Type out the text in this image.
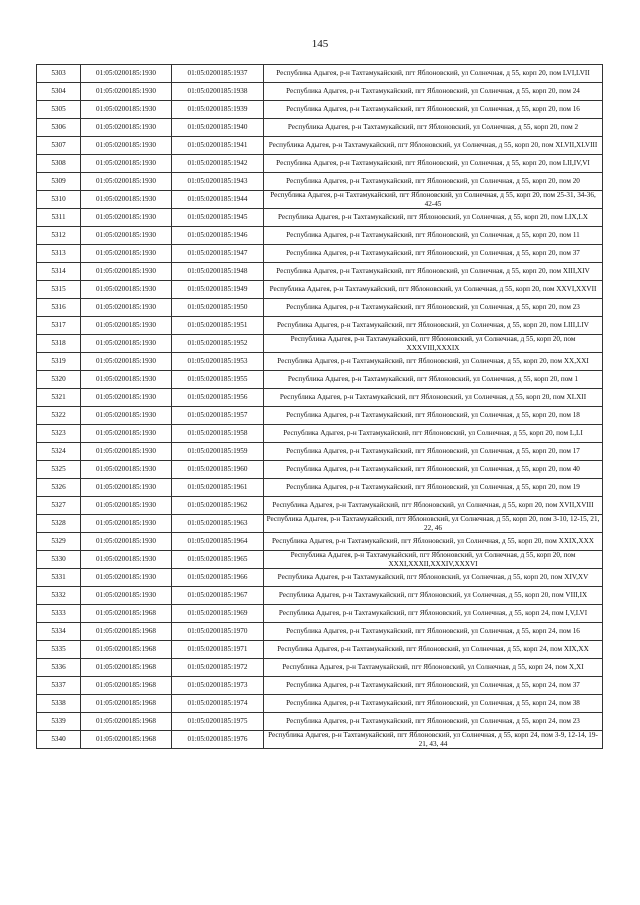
145
5303	01:05:0200185:1930	01:05:0200185:1937	Республика Адыгея, р-н Тахтамукайский, пгт Яблоновский, ул Солнечная, д 55, корп 20, пом LVI,LVII
5304	01:05:0200185:1930	01:05:0200185:1938	Республика Адыгея, р-н Тахтамукайский, пгт Яблоновский, ул Солнечная, д 55, корп 20, пом 24
5305	01:05:0200185:1930	01:05:0200185:1939	Республика Адыгея, р-н Тахтамукайский, пгт Яблоновский, ул Солнечная, д 55, корп 20, пом 16
5306	01:05:0200185:1930	01:05:0200185:1940	Республика Адыгея, р-н Тахтамукайский, пгт Яблоновский, ул Солнечная, д 55, корп 20, пом 2
5307	01:05:0200185:1930	01:05:0200185:1941	Республика Адыгея, р-н Тахтамукайский, пгт Яблоновский, ул Солнечная, д 55, корп 20, пом XLVII,XLVIII
5308	01:05:0200185:1930	01:05:0200185:1942	Республика Адыгея, р-н Тахтамукайский, пгт Яблоновский, ул Солнечная, д 55, корп 20, пом LII,IV,VI
5309	01:05:0200185:1930	01:05:0200185:1943	Республика Адыгея, р-н Тахтамукайский, пгт Яблоновский, ул Солнечная, д 55, корп 20, пом 20
5310	01:05:0200185:1930	01:05:0200185:1944	Республика Адыгея, р-н Тахтамукайский, пгт Яблоновский, ул Солнечная, д 55, корп 20, пом 25-31, 34-36, 42-45
5311	01:05:0200185:1930	01:05:0200185:1945	Республика Адыгея, р-н Тахтамукайский, пгт Яблоновский, ул Солнечная, д 55, корп 20, пом LIX,LX
5312	01:05:0200185:1930	01:05:0200185:1946	Республика Адыгея, р-н Тахтамукайский, пгт Яблоновский, ул Солнечная, д 55, корп 20, пом 11
5313	01:05:0200185:1930	01:05:0200185:1947	Республика Адыгея, р-н Тахтамукайский, пгт Яблоновский, ул Солнечная, д 55, корп 20, пом 37
5314	01:05:0200185:1930	01:05:0200185:1948	Республика Адыгея, р-н Тахтамукайский, пгт Яблоновский, ул Солнечная, д 55, корп 20, пом XIII,XIV
5315	01:05:0200185:1930	01:05:0200185:1949	Республика Адыгея, р-н Тахтамукайский, пгт Яблоновский, ул Солнечная, д 55, корп 20, пом XXVI,XXVII
5316	01:05:0200185:1930	01:05:0200185:1950	Республика Адыгея, р-н Тахтамукайский, пгт Яблоновский, ул Солнечная, д 55, корп 20, пом 23
5317	01:05:0200185:1930	01:05:0200185:1951	Республика Адыгея, р-н Тахтамукайский, пгт Яблоновский, ул Солнечная, д 55, корп 20, пом LIII,LIV
5318	01:05:0200185:1930	01:05:0200185:1952	Республика Адыгея, р-н Тахтамукайский, пгт Яблоновский, ул Солнечная, д 55, корп 20, пом XXXVIII,XXXIX
5319	01:05:0200185:1930	01:05:0200185:1953	Республика Адыгея, р-н Тахтамукайский, пгт Яблоновский, ул Солнечная, д 55, корп 20, пом XX,XXI
5320	01:05:0200185:1930	01:05:0200185:1955	Республика Адыгея, р-н Тахтамукайский, пгт Яблоновский, ул Солнечная, д 55, корп 20, пом 1
5321	01:05:0200185:1930	01:05:0200185:1956	Республика Адыгея, р-н Тахтамукайский, пгт Яблоновский, ул Солнечная, д 55, корп 20, пом XLXII
5322	01:05:0200185:1930	01:05:0200185:1957	Республика Адыгея, р-н Тахтамукайский, пгт Яблоновский, ул Солнечная, д 55, корп 20, пом 18
5323	01:05:0200185:1930	01:05:0200185:1958	Республика Адыгея, р-н Тахтамукайский, пгт Яблоновский, ул Солнечная, д 55, корп 20, пом L,LI
5324	01:05:0200185:1930	01:05:0200185:1959	Республика Адыгея, р-н Тахтамукайский, пгт Яблоновский, ул Солнечная, д 55, корп 20, пом 17
5325	01:05:0200185:1930	01:05:0200185:1960	Республика Адыгея, р-н Тахтамукайский, пгт Яблоновский, ул Солнечная, д 55, корп 20, пом 40
5326	01:05:0200185:1930	01:05:0200185:1961	Республика Адыгея, р-н Тахтамукайский, пгт Яблоновский, ул Солнечная, д 55, корп 20, пом 19
5327	01:05:0200185:1930	01:05:0200185:1962	Республика Адыгея, р-н Тахтамукайский, пгт Яблоновский, ул Солнечная, д 55, корп 20, пом XVII,XVIII
5328	01:05:0200185:1930	01:05:0200185:1963	Республика Адыгея, р-н Тахтамукайский, пгт Яблоновский, ул Солнечная, д 55, корп 20, пом 3-10, 12-15, 21, 22, 46
5329	01:05:0200185:1930	01:05:0200185:1964	Республика Адыгея, р-н Тахтамукайский, пгт Яблоновский, ул Солнечная, д 55, корп 20, пом XXIX,XXX
5330	01:05:0200185:1930	01:05:0200185:1965	Республика Адыгея, р-н Тахтамукайский, пгт Яблоновский, ул Солнечная, д 55, корп 20, пом XXXI,XXXII,XXXIV,XXXVI
5331	01:05:0200185:1930	01:05:0200185:1966	Республика Адыгея, р-н Тахтамукайский, пгт Яблоновский, ул Солнечная, д 55, корп 20, пом XIV,XV
5332	01:05:0200185:1930	01:05:0200185:1967	Республика Адыгея, р-н Тахтамукайский, пгт Яблоновский, ул Солнечная, д 55, корп 20, пом VIII,IX
5333	01:05:0200185:1968	01:05:0200185:1969	Республика Адыгея, р-н Тахтамукайский, пгт Яблоновский, ул Солнечная, д 55, корп 24, пом I,V,LVI
5334	01:05:0200185:1968	01:05:0200185:1970	Республика Адыгея, р-н Тахтамукайский, пгт Яблоновский, ул Солнечная, д 55, корп 24, пом 16
5335	01:05:0200185:1968	01:05:0200185:1971	Республика Адыгея, р-н Тахтамукайский, пгт Яблоновский, ул Солнечная, д 55, корп 24, пом XIX,XX
5336	01:05:0200185:1968	01:05:0200185:1972	Республика Адыгея, р-н Тахтамукайский, пгт Яблоновский, ул Солнечная, д 55, корп 24, пом X,XI
5337	01:05:0200185:1968	01:05:0200185:1973	Республика Адыгея, р-н Тахтамукайский, пгт Яблоновский, ул Солнечная, д 55, корп 24, пом 37
5338	01:05:0200185:1968	01:05:0200185:1974	Республика Адыгея, р-н Тахтамукайский, пгт Яблоновский, ул Солнечная, д 55, корп 24, пом 38
5339	01:05:0200185:1968	01:05:0200185:1975	Республика Адыгея, р-н Тахтамукайский, пгт Яблоновский, ул Солнечная, д 55, корп 24, пом 23
5340	01:05:0200185:1968	01:05:0200185:1976	Республика Адыгея, р-н Тахтамукайский, пгт Яблоновский, ул Солнечная, д 55, корп 24, пом 3-9, 12-14, 19-21, 43, 44
